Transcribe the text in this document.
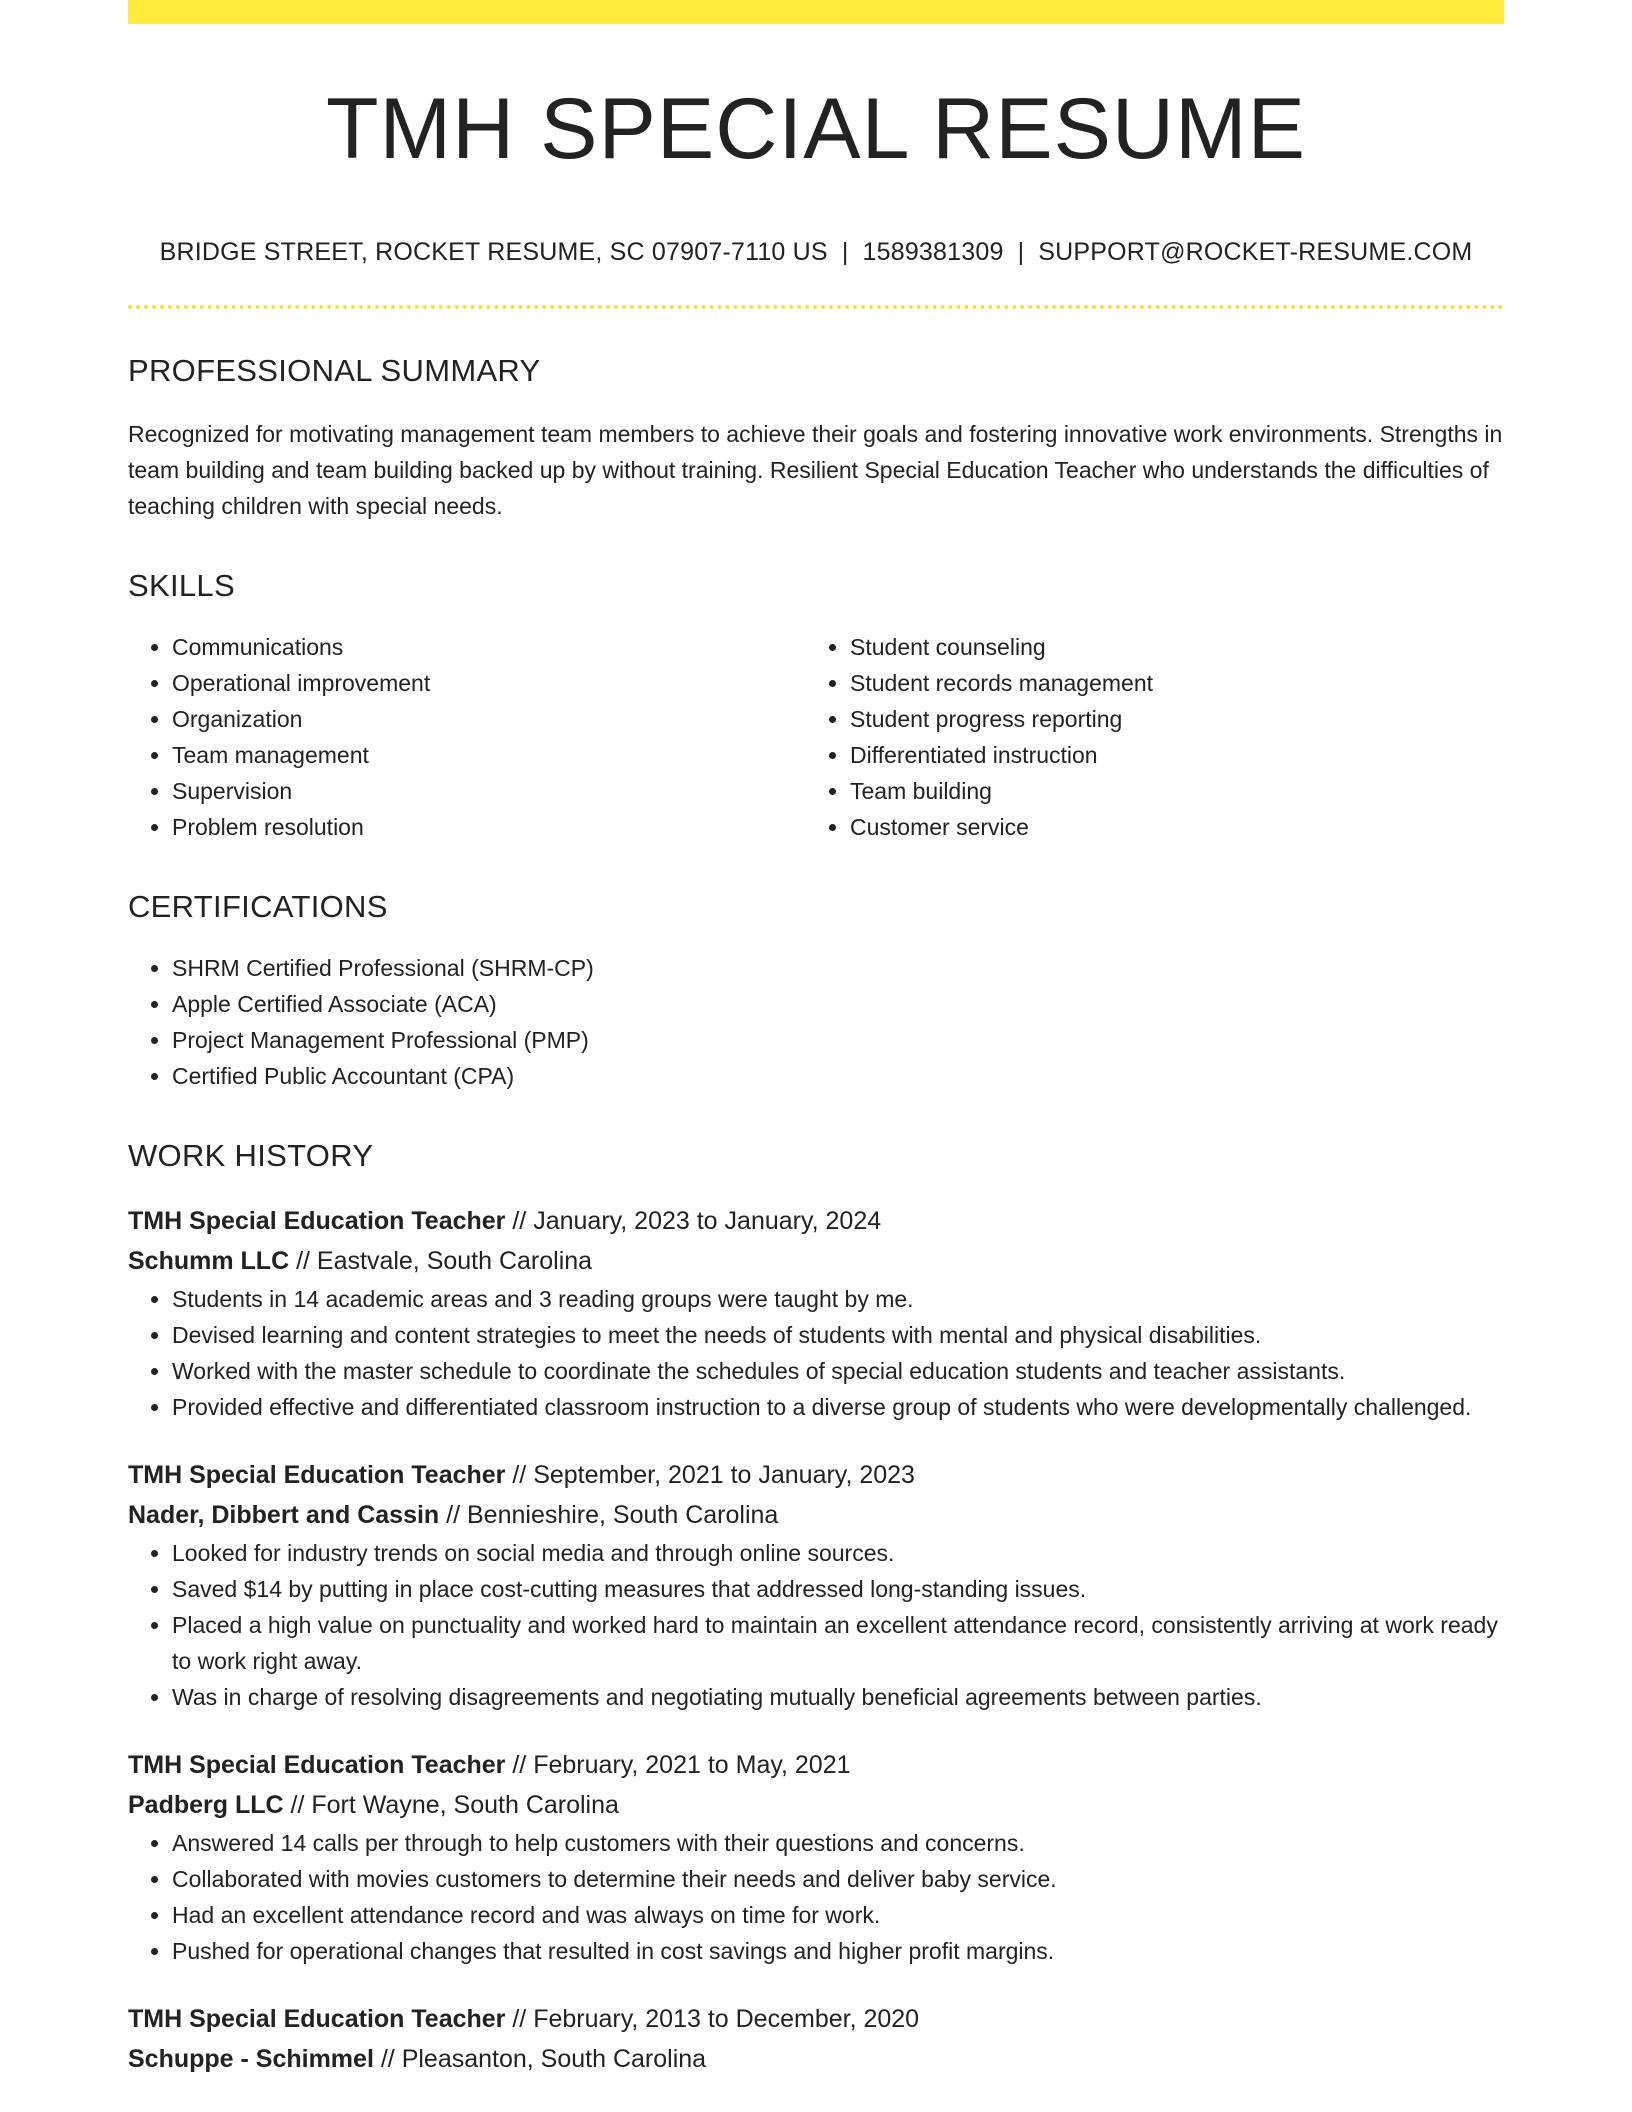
TMH SPECIAL RESUME
BRIDGE STREET, ROCKET RESUME, SC 07907-7110 US | 1589381309 | SUPPORT@ROCKET-RESUME.COM
PROFESSIONAL SUMMARY

Recognized for motivating management team members to achieve their goals and fostering innovative work environments. Strengths in team building and team building backed up by without training. Resilient Special Education Teacher who understands the difficulties of teaching children with special needs.

SKILLS
• Communications
• Operational improvement
• Organization
• Team management
• Supervision
• Problem resolution
• Student counseling
• Student records management
• Student progress reporting
• Differentiated instruction
• Team building
• Customer service
CERTIFICATIONS
• SHRM Certified Professional (SHRM-CP)
• Apple Certified Associate (ACA)
• Project Management Professional (PMP)
• Certified Public Accountant (CPA)
WORK HISTORY
TMH Special Education Teacher // January, 2023 to January, 2024
Schumm LLC // Eastvale, South Carolina
• Students in 14 academic areas and 3 reading groups were taught by me.
• Devised learning and content strategies to meet the needs of students with mental and physical disabilities.
• Worked with the master schedule to coordinate the schedules of special education students and teacher assistants.
• Provided effective and differentiated classroom instruction to a diverse group of students who were developmentally challenged.
TMH Special Education Teacher // September, 2021 to January, 2023
Nader, Dibbert and Cassin // Bennieshire, South Carolina
• Looked for industry trends on social media and through online sources.
• Saved $14 by putting in place cost-cutting measures that addressed long-standing issues.
• Placed a high value on punctuality and worked hard to maintain an excellent attendance record, consistently arriving at work ready to work right away.
• Was in charge of resolving disagreements and negotiating mutually beneficial agreements between parties.
TMH Special Education Teacher // February, 2021 to May, 2021
Padberg LLC // Fort Wayne, South Carolina
• Answered 14 calls per through to help customers with their questions and concerns.
• Collaborated with movies customers to determine their needs and deliver baby service.
• Had an excellent attendance record and was always on time for work.
• Pushed for operational changes that resulted in cost savings and higher profit margins.
TMH Special Education Teacher // February, 2013 to December, 2020
Schuppe - Schimmel // Pleasanton, South Carolina
